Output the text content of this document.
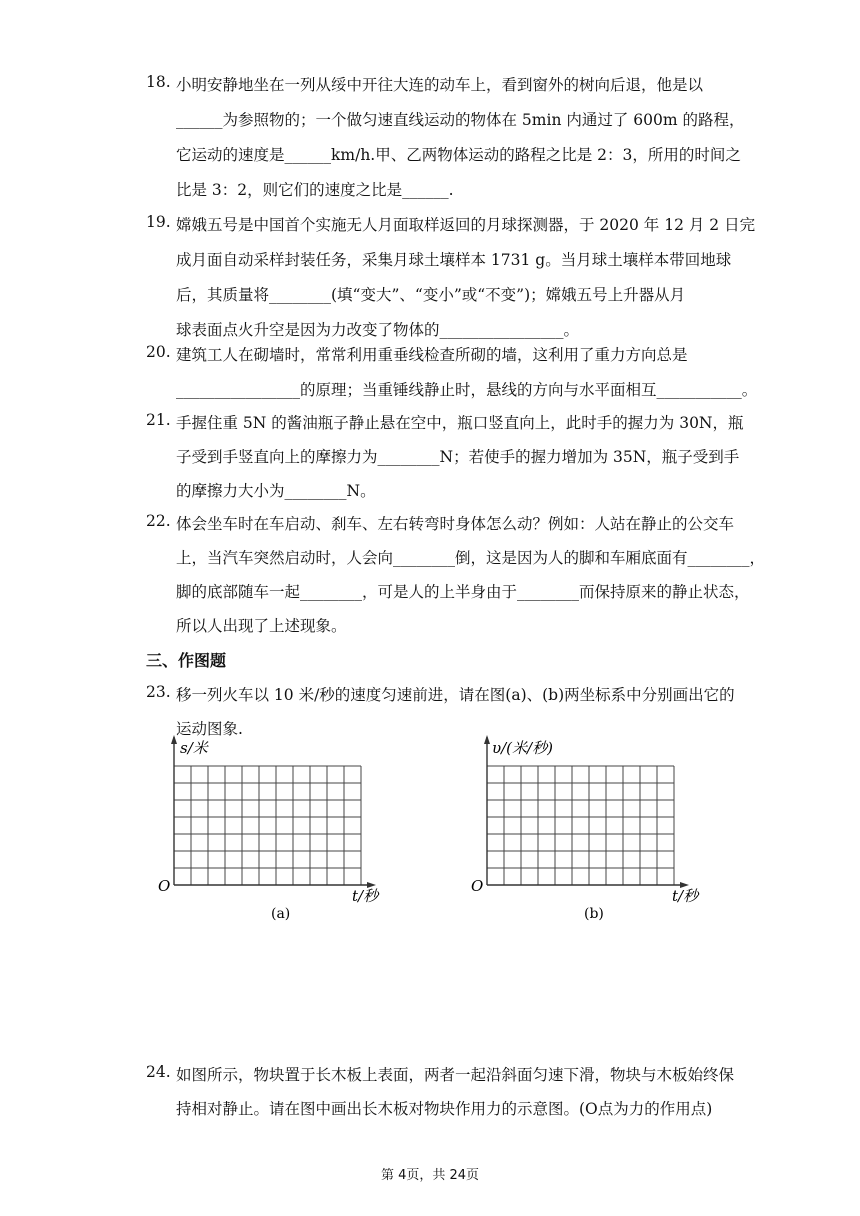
18. 小明安静地坐在一列从绥中开往大连的动车上，看到窗外的树向后退，他是以
______为参照物的；一个做匀速直线运动的物体在 5min 内通过了 600m 的路程，
它运动的速度是______km/h.甲、乙两物体运动的路程之比是 2：3，所用的时间之
比是 3：2，则它们的速度之比是______.
19. 嫦娥五号是中国首个实施无人月面取样返回的月球探测器，于 2020 年 12 月 2 日完
成月面自动采样封装任务，采集月球土壤样本 1731 g。当月球土壤样本带回地球
后，其质量将________(填“变大”、“变小”或“不变”)；嫦娥五号上升器从月
球表面点火升空是因为力改变了物体的________________。
20. 建筑工人在砌墙时，常常利用重垂线检查所砌的墙，这利用了重力方向总是
________________的原理；当重锤线静止时，悬线的方向与水平面相互___________。
21. 手握住重 5N 的酱油瓶子静止悬在空中，瓶口竖直向上，此时手的握力为 30N，瓶
子受到手竖直向上的摩擦力为________N；若使手的握力增加为 35N，瓶子受到手
的摩擦力大小为________N。
22. 体会坐车时在车启动、刹车、左右转弯时身体怎么动？例如：人站在静止的公交车
上，当汽车突然启动时，人会向________倒，这是因为人的脚和车厢底面有________，
脚的底部随车一起________，可是人的上半身由于________而保持原来的静止状态，
所以人出现了上述现象。
三、作图题
23. 移一列火车以 10 米/秒的速度匀速前进，请在图(a)、(b)两坐标系中分别画出它的
运动图象.
s/米
t/秒
O
(a)
υ/(米/秒)
t/秒
O
(b)
24. 如图所示，物块置于长木板上表面，两者一起沿斜面匀速下滑，物块与木板始终保
持相对静止。请在图中画出长木板对物块作用力的示意图。(O点为力的作用点)
第 4页，共 24页
